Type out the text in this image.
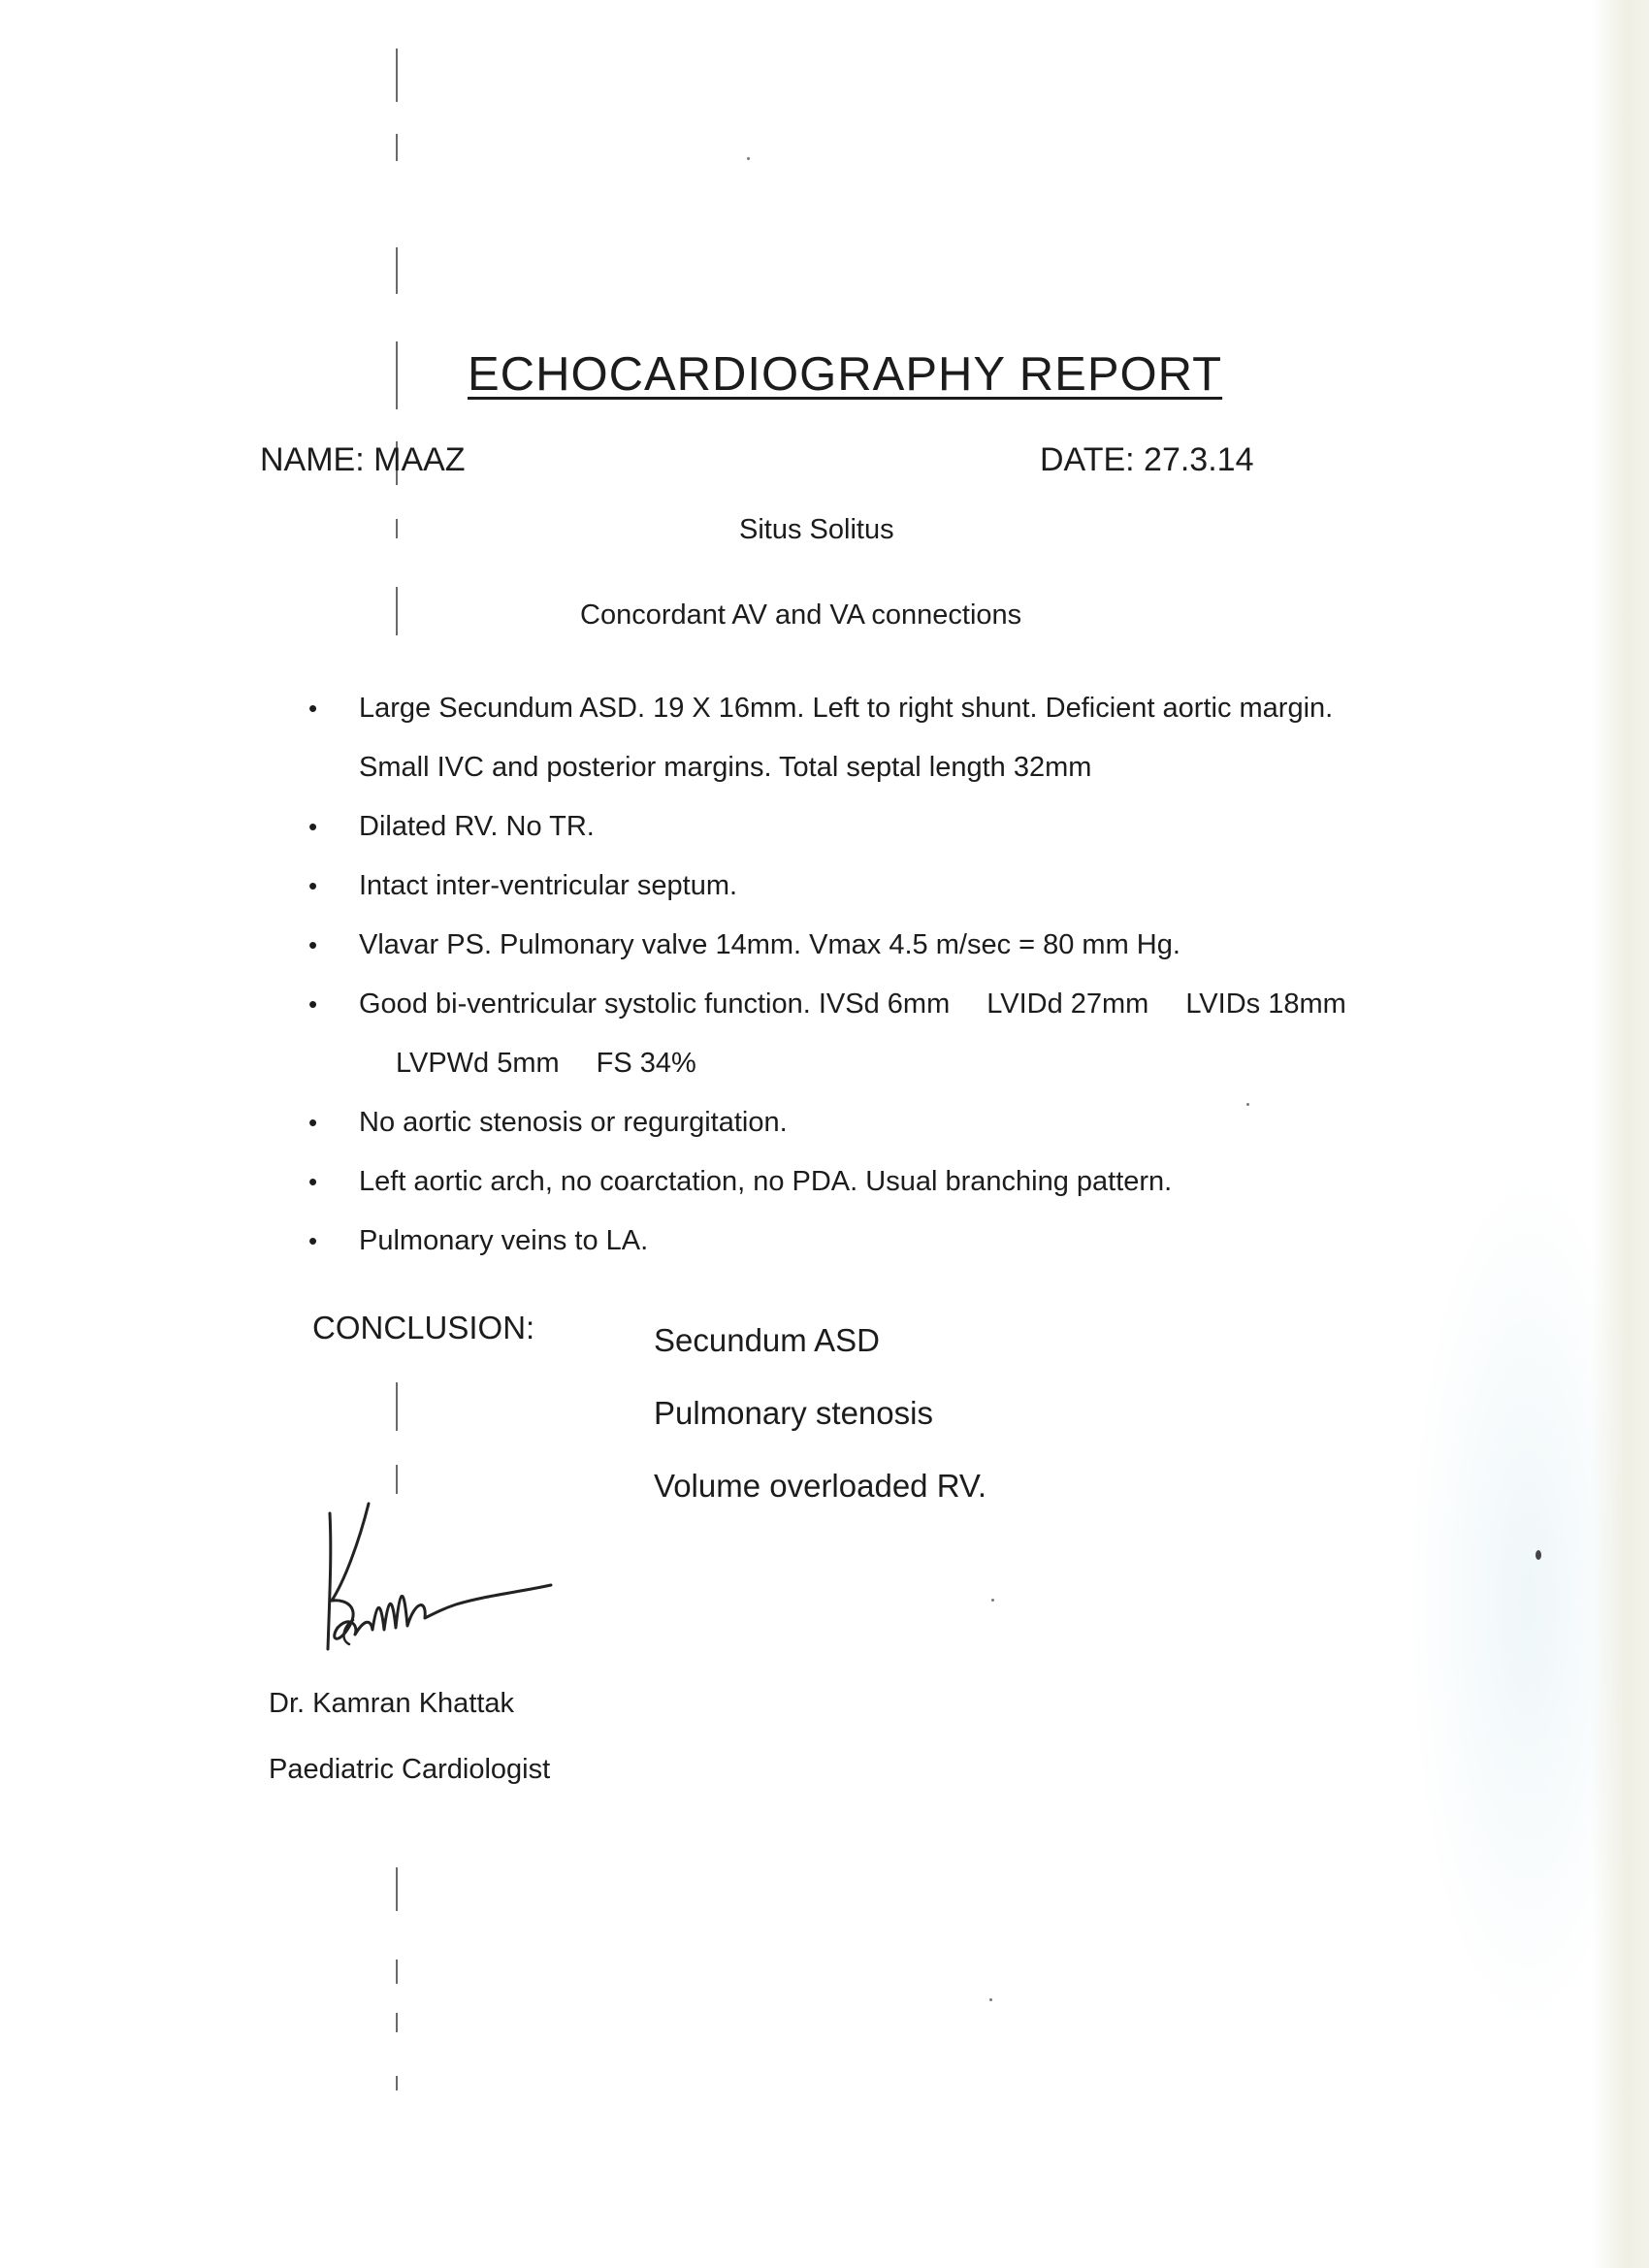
ECHOCARDIOGRAPHY REPORT
NAME: MAAZ	DATE: 27.3.14
Situs Solitus
Concordant AV and VA connections
• Large Secundum ASD. 19 X 16mm. Left to right shunt. Deficient aortic margin. Small IVC and posterior margins. Total septal length 32mm
• Dilated RV. No TR.
• Intact inter-ventricular septum.
• Vlavar PS. Pulmonary valve 14mm. Vmax 4.5 m/sec = 80 mm Hg.
• Good bi-ventricular systolic function. IVSd 6mm LVIDd 27mm LVIDs 18mmLVPWd 5mm FS 34%
• No aortic stenosis or regurgitation.
• Left aortic arch, no coarctation, no PDA. Usual branching pattern.
• Pulmonary veins to LA.
CONCLUSION:	Secundum ASD
Pulmonary stenosis
Volume overloaded RV.
Dr. Kamran Khattak
Paediatric Cardiologist
